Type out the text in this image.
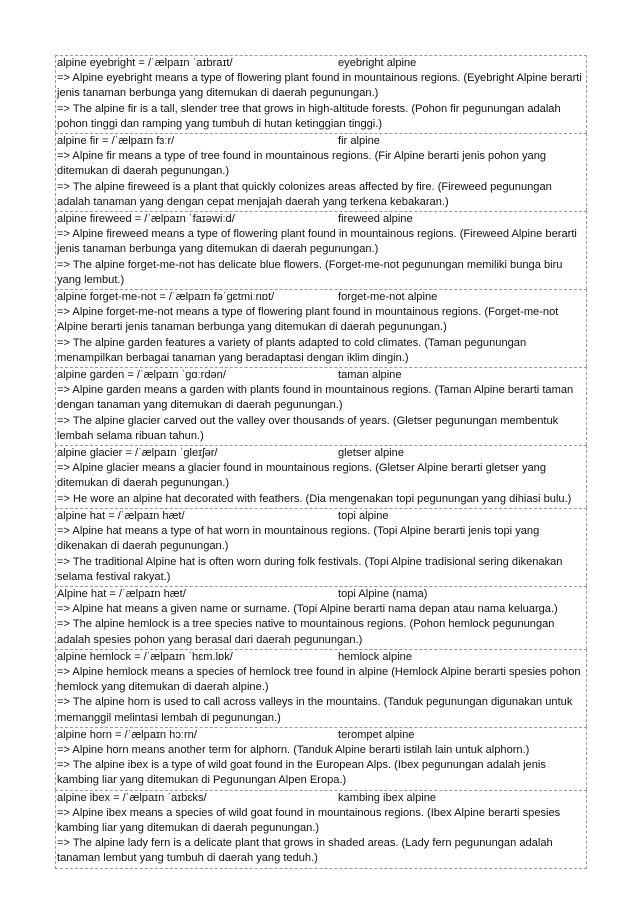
alpine eyebright = /ˈælpaɪn ˈaɪbraɪt/	eyebright alpine
=> Alpine eyebright means a type of flowering plant found in mountainous regions. (Eyebright Alpine berarti jenis tanaman berbunga yang ditemukan di daerah pegunungan.)
=> The alpine fir is a tall, slender tree that grows in high-altitude forests. (Pohon fir pegunungan adalah pohon tinggi dan ramping yang tumbuh di hutan ketinggian tinggi.)
alpine fir = /ˈælpaɪn fɜːr/	fir alpine
=> Alpine fir means a type of tree found in mountainous regions. (Fir Alpine berarti jenis pohon yang ditemukan di daerah pegunungan.)
=> The alpine fireweed is a plant that quickly colonizes areas affected by fire. (Fireweed pegunungan adalah tanaman yang dengan cepat menjajah daerah yang terkena kebakaran.)
alpine fireweed = /ˈælpaɪn ˈfaɪəwiːd/	fireweed alpine
=> Alpine fireweed means a type of flowering plant found in mountainous regions. (Fireweed Alpine berarti jenis tanaman berbunga yang ditemukan di daerah pegunungan.)
=> The alpine forget-me-not has delicate blue flowers. (Forget-me-not pegunungan memiliki bunga biru yang lembut.)
alpine forget-me-not = /ˈælpaɪn fəˈɡɛtmiːnɒt/	forget-me-not alpine
=> Alpine forget-me-not means a type of flowering plant found in mountainous regions. (Forget-me-not Alpine berarti jenis tanaman berbunga yang ditemukan di daerah pegunungan.)
=> The alpine garden features a variety of plants adapted to cold climates. (Taman pegunungan menampilkan berbagai tanaman yang beradaptasi dengan iklim dingin.)
alpine garden = /ˈælpaɪn ˈɡɑːrdən/	taman alpine
=> Alpine garden means a garden with plants found in mountainous regions. (Taman Alpine berarti taman dengan tanaman yang ditemukan di daerah pegunungan.)
=> The alpine glacier carved out the valley over thousands of years. (Gletser pegunungan membentuk lembah selama ribuan tahun.)
alpine glacier = /ˈælpaɪn ˈɡleɪʃər/	gletser alpine
=> Alpine glacier means a glacier found in mountainous regions. (Gletser Alpine berarti gletser yang ditemukan di daerah pegunungan.)
=> He wore an alpine hat decorated with feathers. (Dia mengenakan topi pegunungan yang dihiasi bulu.)
alpine hat = /ˈælpaɪn hæt/	topi alpine
=> Alpine hat means a type of hat worn in mountainous regions. (Topi Alpine berarti jenis topi yang dikenakan di daerah pegunungan.)
=> The traditional Alpine hat is often worn during folk festivals. (Topi Alpine tradisional sering dikenakan selama festival rakyat.)
Alpine hat = /ˈælpaɪn hæt/	topi Alpine (nama)
=> Alpine hat means a given name or surname. (Topi Alpine berarti nama depan atau nama keluarga.)
=> The alpine hemlock is a tree species native to mountainous regions. (Pohon hemlock pegunungan adalah spesies pohon yang berasal dari daerah pegunungan.)
alpine hemlock = /ˈælpaɪn ˈhɛm.lɒk/	hemlock alpine
=> Alpine hemlock means a species of hemlock tree found in alpine (Hemlock Alpine berarti spesies pohon hemlock yang ditemukan di daerah alpine.)
=> The alpine horn is used to call across valleys in the mountains. (Tanduk pegunungan digunakan untuk memanggil melintasi lembah di pegunungan.)
alpine horn = /ˈælpaɪn hɔːrn/	terompet alpine
=> Alpine horn means another term for alphorn. (Tanduk Alpine berarti istilah lain untuk alphorn.)
=> The alpine ibex is a type of wild goat found in the European Alps. (Ibex pegunungan adalah jenis kambing liar yang ditemukan di Pegunungan Alpen Eropa.)
alpine ibex = /ˈælpaɪn ˈaɪbɛks/	kambing ibex alpine
=> Alpine ibex means a species of wild goat found in mountainous regions. (Ibex Alpine berarti spesies kambing liar yang ditemukan di daerah pegunungan.)
=> The alpine lady fern is a delicate plant that grows in shaded areas. (Lady fern pegunungan adalah tanaman lembut yang tumbuh di daerah yang teduh.)
